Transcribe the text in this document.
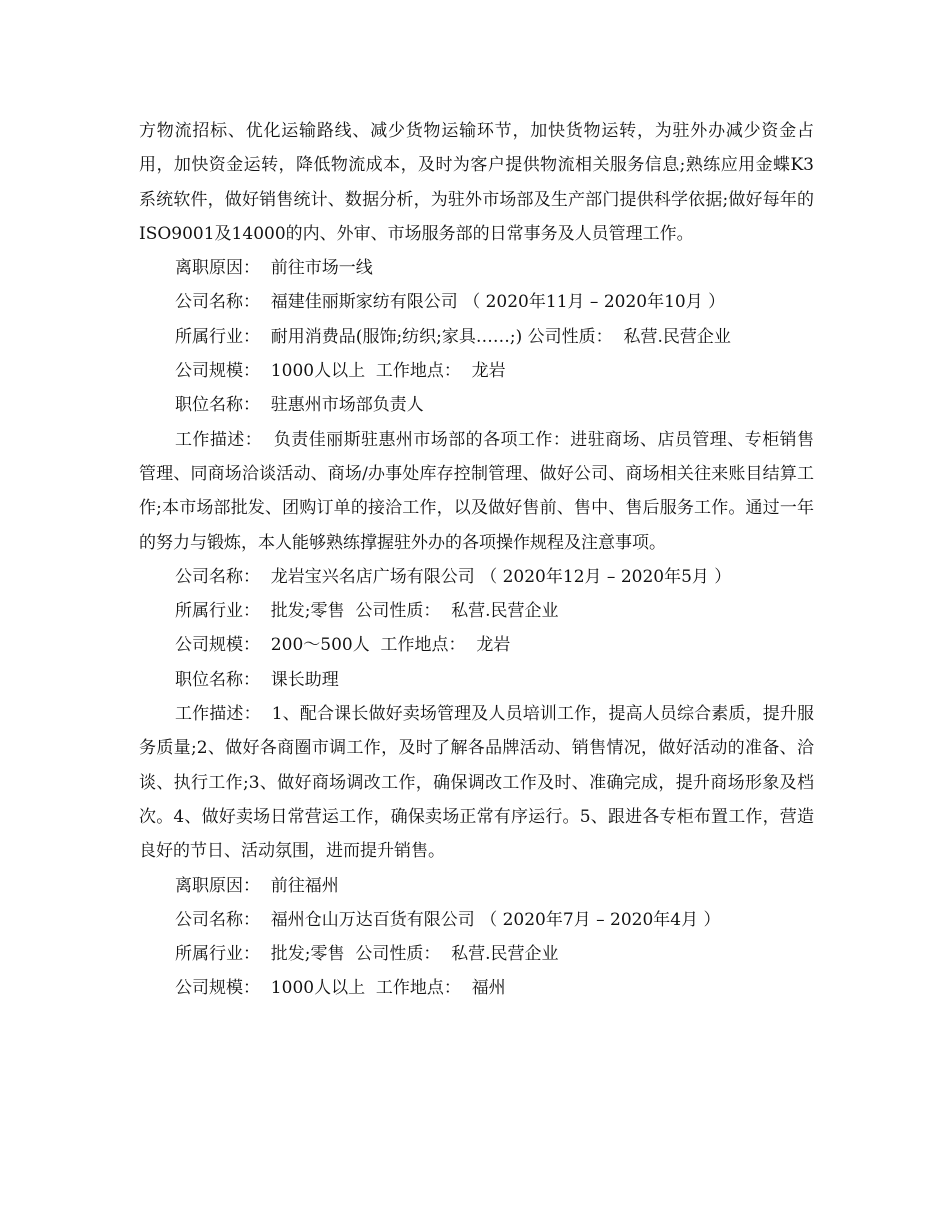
方物流招标、优化运输路线、减少货物运输环节，加快货物运转，为驻外办减少资金占用，加快资金运转，降低物流成本，及时为客户提供物流相关服务信息;熟练应用金蝶K3系统软件，做好销售统计、数据分析，为驻外市场部及生产部门提供科学依据;做好每年的ISO9001及14000的内、外审、市场服务部的日常事务及人员管理工作。

离职原因：  前往市场一线

公司名称：  福建佳丽斯家纺有限公司 （ 2020年11月 – 2020年10月 ）

所属行业：  耐用消费品(服饰;纺织;家具……;) 公司性质：  私营.民营企业

公司规模：  1000人以上  工作地点：  龙岩

职位名称：  驻惠州市场部负责人

工作描述：  负责佳丽斯驻惠州市场部的各项工作：进驻商场、店员管理、专柜销售管理、同商场洽谈活动、商场/办事处库存控制管理、做好公司、商场相关往来账目结算工作;本市场部批发、团购订单的接洽工作，以及做好售前、售中、售后服务工作。通过一年的努力与锻炼，本人能够熟练撑握驻外办的各项操作规程及注意事项。

公司名称：  龙岩宝兴名店广场有限公司 （ 2020年12月 – 2020年5月 ）

所属行业：  批发;零售  公司性质：  私营.民营企业

公司规模：  200～500人  工作地点：  龙岩

职位名称：  课长助理

工作描述：  1、配合课长做好卖场管理及人员培训工作，提高人员综合素质，提升服务质量;2、做好各商圈市调工作，及时了解各品牌活动、销售情况，做好活动的准备、洽谈、执行工作;3、做好商场调改工作，确保调改工作及时、准确完成，提升商场形象及档次。4、做好卖场日常营运工作，确保卖场正常有序运行。5、跟进各专柜布置工作，营造良好的节日、活动氛围，进而提升销售。

离职原因：  前往福州

公司名称：  福州仓山万达百货有限公司 （ 2020年7月 – 2020年4月 ）

所属行业：  批发;零售  公司性质：  私营.民营企业

公司规模：  1000人以上  工作地点：  福州
